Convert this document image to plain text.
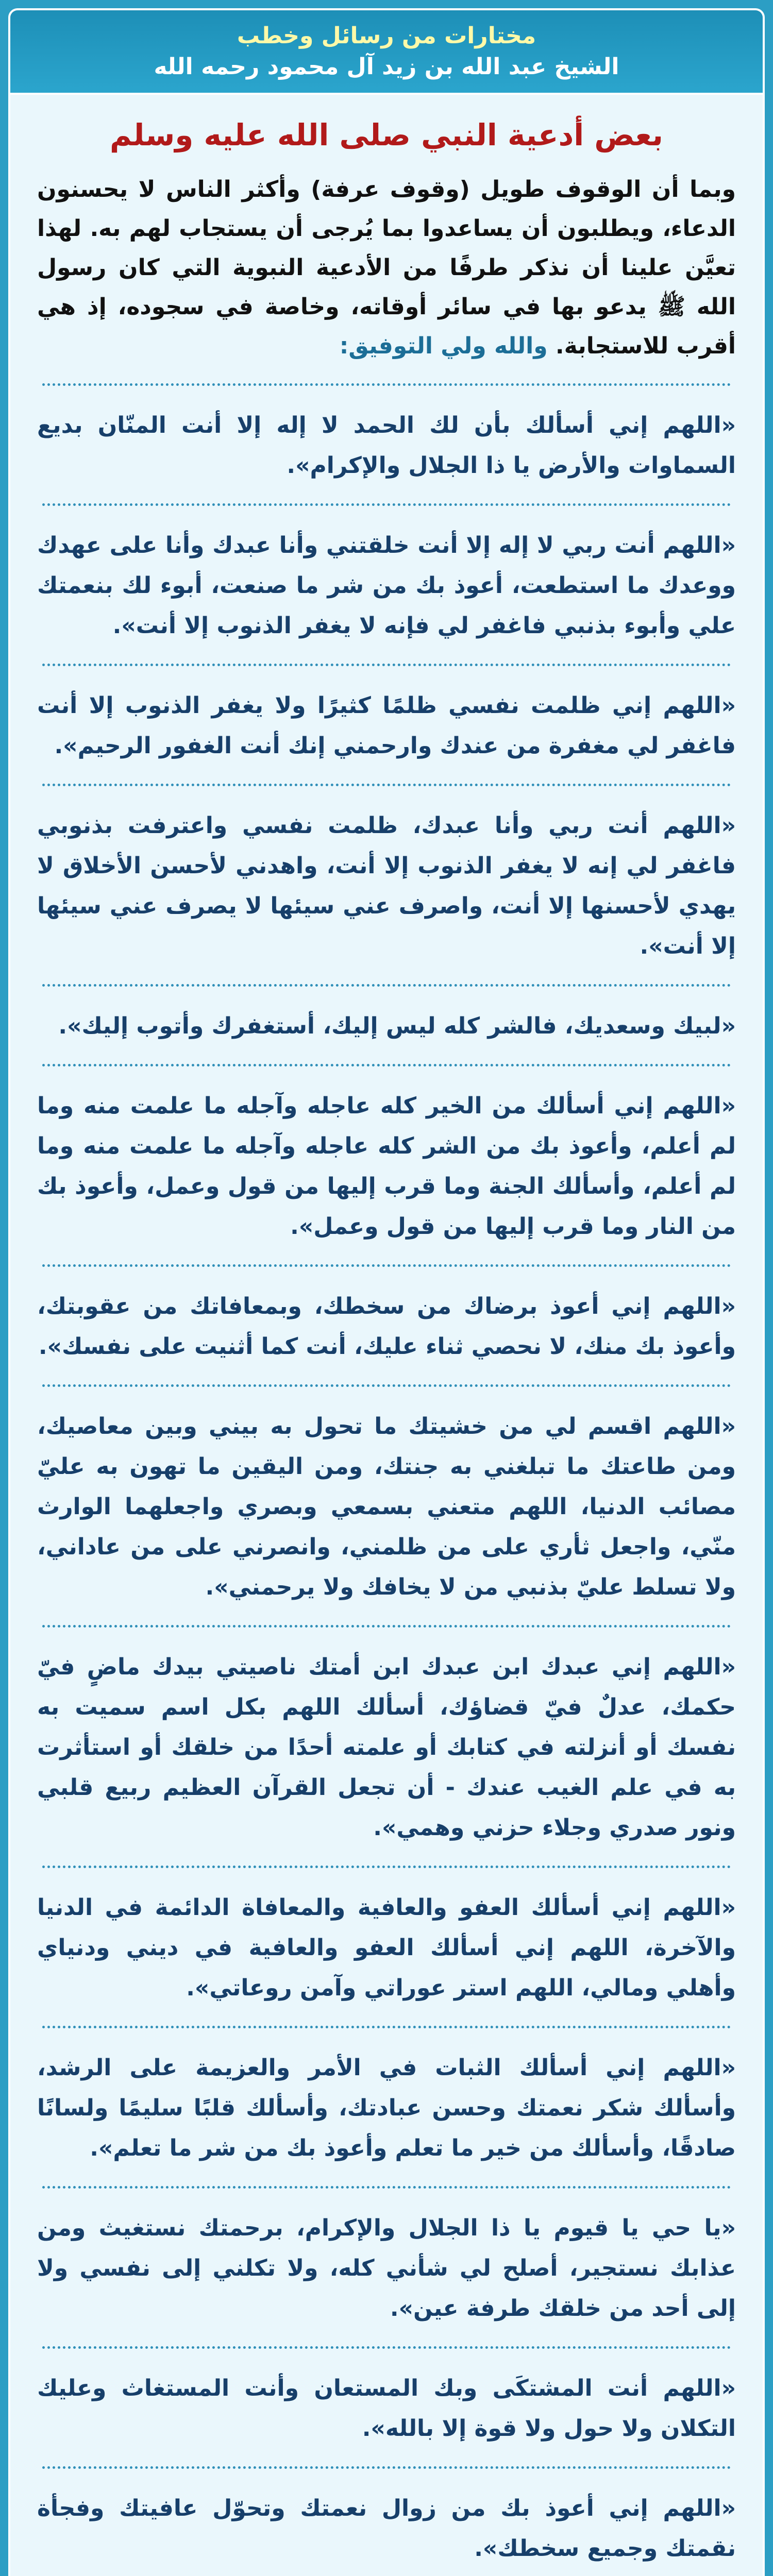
مختارات من رسائل وخطب
الشيخ عبد الله بن زيد آل محمود رحمه الله
بعض أدعية النبي صلى الله عليه وسلم

وبما أن الوقوف طويل (وقوف عرفة) وأكثر الناس لا يحسنون الدعاء، ويطلبون أن يساعدوا بما يُرجى أن يستجاب لهم به. لهذا تعيَّن علينا أن نذكر طرفًا من الأدعية النبوية التي كان رسول الله ﷺ يدعو بها في سائر أوقاته، وخاصة في سجوده، إذ هي أقرب للاستجابة. والله ولي التوفيق:

«اللهم إني أسألك بأن لك الحمد لا إله إلا أنت المنّان بديع السماوات والأرض يا ذا الجلال والإكرام».

«اللهم أنت ربي لا إله إلا أنت خلقتني وأنا عبدك وأنا على عهدك ووعدك ما استطعت، أعوذ بك من شر ما صنعت، أبوء لك بنعمتك علي وأبوء بذنبي فاغفر لي فإنه لا يغفر الذنوب إلا أنت».

«اللهم إني ظلمت نفسي ظلمًا كثيرًا ولا يغفر الذنوب إلا أنت فاغفر لي مغفرة من عندك وارحمني إنك أنت الغفور الرحيم».

«اللهم أنت ربي وأنا عبدك، ظلمت نفسي واعترفت بذنوبي فاغفر لي إنه لا يغفر الذنوب إلا أنت، واهدني لأحسن الأخلاق لا يهدي لأحسنها إلا أنت، واصرف عني سيئها لا يصرف عني سيئها إلا أنت».

«لبيك وسعديك، فالشر كله ليس إليك، أستغفرك وأتوب إليك».

«اللهم إني أسألك من الخير كله عاجله وآجله ما علمت منه وما لم أعلم، وأعوذ بك من الشر كله عاجله وآجله ما علمت منه وما لم أعلم، وأسألك الجنة وما قرب إليها من قول وعمل، وأعوذ بك من النار وما قرب إليها من قول وعمل».

«اللهم إني أعوذ برضاك من سخطك، وبمعافاتك من عقوبتك، وأعوذ بك منك، لا نحصي ثناء عليك، أنت كما أثنيت على نفسك».

«اللهم اقسم لي من خشيتك ما تحول به بيني وبين معاصيك، ومن طاعتك ما تبلغني به جنتك، ومن اليقين ما تهون به عليّ مصائب الدنيا، اللهم متعني بسمعي وبصري واجعلهما الوارث منّي، واجعل ثأري على من ظلمني، وانصرني على من عاداني، ولا تسلط عليّ بذنبي من لا يخافك ولا يرحمني».

«اللهم إني عبدك ابن عبدك ابن أمتك ناصيتي بيدك ماضٍ فيّ حكمك، عدلٌ فيّ قضاؤك، أسألك اللهم بكل اسم سميت به نفسك أو أنزلته في كتابك أو علمته أحدًا من خلقك أو استأثرت به في علم الغيب عندك - أن تجعل القرآن العظيم ربيع قلبي ونور صدري وجلاء حزني وهمي».

«اللهم إني أسألك العفو والعافية والمعافاة الدائمة في الدنيا والآخرة، اللهم إني أسألك العفو والعافية في ديني ودنياي وأهلي ومالي، اللهم استر عوراتي وآمن روعاتي».

«اللهم إني أسألك الثبات في الأمر والعزيمة على الرشد، وأسألك شكر نعمتك وحسن عبادتك، وأسألك قلبًا سليمًا ولسانًا صادقًا، وأسألك من خير ما تعلم وأعوذ بك من شر ما تعلم».

«يا حي يا قيوم يا ذا الجلال والإكرام، برحمتك نستغيث ومن عذابك نستجير، أصلح لي شأني كله، ولا تكلني إلى نفسي ولا إلى أحد من خلقك طرفة عين».

«اللهم أنت المشتكَى وبك المستعان وأنت المستغاث وعليك التكلان ولا حول ولا قوة إلا بالله».

«اللهم إني أعوذ بك من زوال نعمتك وتحوّل عافيتك وفجأة نقمتك وجميع سخطك».
